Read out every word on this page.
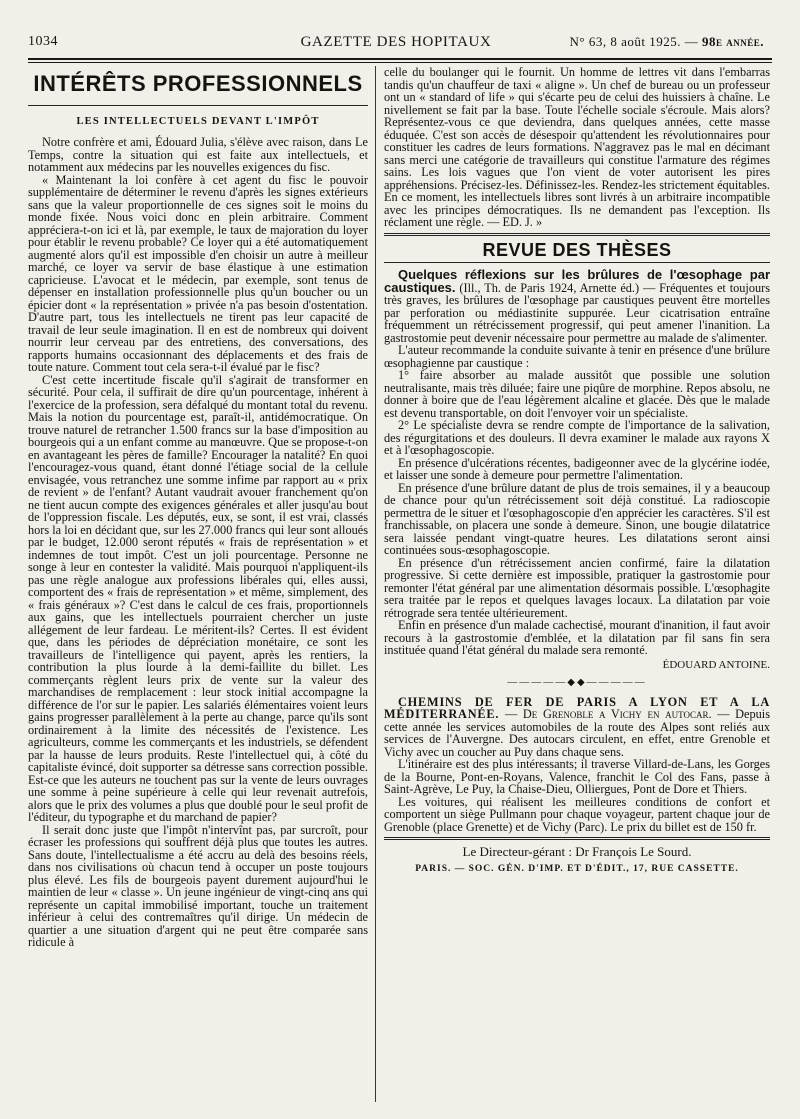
1034	GAZETTE DES HOPITAUX	N° 63, 8 août 1925. — 98e année.
INTÉRÊTS PROFESSIONNELS
LES INTELLECTUELS DEVANT L'IMPÔT

Notre confrère et ami, Édouard Julia, s'élève avec raison, dans Le Temps, contre la situation qui est faite aux intellectuels, et notamment aux médecins par les nouvelles exigences du fisc.

« Maintenant la loi confère à cet agent du fisc le pouvoir supplémentaire de déterminer le revenu d'après les signes extérieurs sans que la valeur proportionnelle de ces signes soit le moins du monde fixée. Nous voici donc en plein arbitraire. Comment appréciera-t-on ici et là, par exemple, le taux de majoration du loyer pour établir le revenu probable? Ce loyer qui a été automatiquement augmenté alors qu'il est impossible d'en choisir un autre à meilleur marché, ce loyer va servir de base élastique à une estimation capricieuse. L'avocat et le médecin, par exemple, sont tenus de dépenser en installation professionnelle plus qu'un boucher ou un épicier dont « la représentation » privée n'a pas besoin d'ostentation. D'autre part, tous les intellectuels ne tirent pas leur capacité de travail de leur seule imagination. Il en est de nombreux qui doivent nourrir leur cerveau par des entretiens, des conversations, des rapports humains occasionnant des déplacements et des frais de toute nature. Comment tout cela sera-t-il évalué par le fisc?

C'est cette incertitude fiscale qu'il s'agirait de transformer en sécurité. Pour cela, il suffirait de dire qu'un pourcentage, inhérent à l'exercice de la profession, sera défalqué du montant total du revenu. Mais la notion du pourcentage est, paraît-il, antidémocratique. On trouve naturel de retrancher 1.500 francs sur la base d'imposition au bourgeois qui a un enfant comme au manœuvre. Que se propose-t-on en avantageant les pères de famille? Encourager la natalité? En quoi l'encouragez-vous quand, étant donné l'étiage social de la cellule envisagée, vous retranchez une somme infime par rapport au « prix de revient » de l'enfant? Autant vaudrait avouer franchement qu'on ne tient aucun compte des exigences générales et aller jusqu'au bout de l'oppression fiscale. Les députés, eux, se sont, il est vrai, classés hors la loi en décidant que, sur les 27.000 francs qui leur sont alloués par le budget, 12.000 seront réputés « frais de représentation » et indemnes de tout impôt. C'est un joli pourcentage. Personne ne songe à leur en contester la validité. Mais pourquoi n'appliquent-ils pas une règle analogue aux professions libérales qui, elles aussi, comportent des « frais de représentation » et même, simplement, des « frais généraux »? C'est dans le calcul de ces frais, proportionnels aux gains, que les intellectuels pourraient chercher un juste allégement de leur fardeau. Le méritent-ils? Certes. Il est évident que, dans les périodes de dépréciation monétaire, ce sont les travailleurs de l'intelligence qui payent, après les rentiers, la contribution la plus lourde à la demi-faillite du billet. Les commerçants règlent leurs prix de vente sur la valeur des marchandises de remplacement : leur stock initial accompagne la différence de l'or sur le papier. Les salariés élémentaires voient leurs gains progresser parallèlement à la perte au change, parce qu'ils sont ordinairement à la limite des nécessités de l'existence. Les agriculteurs, comme les commerçants et les industriels, se défendent par la hausse de leurs produits. Reste l'intellectuel qui, à côté du capitaliste évincé, doit supporter sa détresse sans correction possible. Est-ce que les auteurs ne touchent pas sur la vente de leurs ouvrages une somme à peine supérieure à celle qui leur revenait autrefois, alors que le prix des volumes a plus que doublé pour le seul profit de l'éditeur, du typographe et du marchand de papier?

Il serait donc juste que l'impôt n'intervînt pas, par surcroît, pour écraser les professions qui souffrent déjà plus que toutes les autres. Sans doute, l'intellectualisme a été accru au delà des besoins réels, dans nos civilisations où chacun tend à occuper un poste toujours plus élevé. Les fils de bourgeois payent durement aujourd'hui le maintien de leur « classe ». Un jeune ingénieur de vingt-cinq ans qui représente un capital immobilisé important, touche un traitement inférieur à celui des contremaîtres qu'il dirige. Un médecin de quartier a une situation d'argent qui ne peut être comparée sans ridicule à

celle du boulanger qui le fournit. Un homme de lettres vit dans l'embarras tandis qu'un chauffeur de taxi « aligne ». Un chef de bureau ou un professeur ont un « standard of life » qui s'écarte peu de celui des huissiers à chaîne. Le nivellement se fait par la base. Toute l'échelle sociale s'écroule. Mais alors? Représentez-vous ce que deviendra, dans quelques années, cette masse éduquée. C'est son accès de désespoir qu'attendent les révolutionnaires pour constituer les cadres de leurs formations. N'aggravez pas le mal en décimant sans merci une catégorie de travailleurs qui constitue l'armature des régimes sains. Les lois vagues que l'on vient de voter autorisent les pires appréhensions. Précisez-les. Définissez-les. Rendez-les strictement équitables. En ce moment, les intellectuels libres sont livrés à un arbitraire incompatible avec les principes démocratiques. Ils ne demandent pas l'exception. Ils réclament une règle. — ED. J. »

REVUE DES THÈSES

Quelques réflexions sur les brûlures de l'œsophage par caustiques. (Ill., Th. de Paris 1924, Arnette éd.) — Fréquentes et toujours très graves, les brûlures de l'œsophage par caustiques peuvent être mortelles par perforation ou médiastinite suppurée. Leur cicatrisation entraîne fréquemment un rétrécissement progressif, qui peut amener l'inanition. La gastrostomie peut devenir nécessaire pour permettre au malade de s'alimenter.

L'auteur recommande la conduite suivante à tenir en présence d'une brûlure œsophagienne par caustique :

1° faire absorber au malade aussitôt que possible une solution neutralisante, mais très diluée; faire une piqûre de morphine. Repos absolu, ne donner à boire que de l'eau légèrement alcaline et glacée. Dès que le malade est devenu transportable, on doit l'envoyer voir un spécialiste.

2° Le spécialiste devra se rendre compte de l'importance de la salivation, des régurgitations et des douleurs. Il devra examiner le malade aux rayons X et à l'œsophagoscopie.

En présence d'ulcérations récentes, badigeonner avec de la glycérine iodée, et laisser une sonde à demeure pour permettre l'alimentation.

En présence d'une brûlure datant de plus de trois semaines, il y a beaucoup de chance pour qu'un rétrécissement soit déjà constitué. La radioscopie permettra de le situer et l'œsophagoscopie d'en apprécier les caractères. S'il est franchissable, on placera une sonde à demeure. Sinon, une bougie dilatatrice sera laissée pendant vingt-quatre heures. Les dilatations seront ainsi continuées sous-œsophagoscopie.

En présence d'un rétrécissement ancien confirmé, faire la dilatation progressive. Si cette dernière est impossible, pratiquer la gastrostomie pour remonter l'état général par une alimentation désormais possible. L'œsophagite sera traitée par le repos et quelques lavages locaux. La dilatation par voie rétrograde sera tentée ultérieurement.

Enfin en présence d'un malade cachectisé, mourant d'inanition, il faut avoir recours à la gastrostomie d'emblée, et la dilatation par fil sans fin sera instituée quand l'état général du malade sera remonté.

ÉDOUARD ANTOINE.
—————◆◆—————

CHEMINS DE FER DE PARIS A LYON ET A LA MÉDITERRANÉE. — De Grenoble a Vichy en autocar. — Depuis cette année les services automobiles de la route des Alpes sont reliés aux services de l'Auvergne. Des autocars circulent, en effet, entre Grenoble et Vichy avec un coucher au Puy dans chaque sens.

L'itinéraire est des plus intéressants; il traverse Villard-de-Lans, les Gorges de la Bourne, Pont-en-Royans, Valence, franchit le Col des Fans, passe à Saint-Agrève, Le Puy, la Chaise-Dieu, Olliergues, Pont de Dore et Thiers.

Les voitures, qui réalisent les meilleures conditions de confort et comportent un siège Pullmann pour chaque voyageur, partent chaque jour de Grenoble (place Grenette) et de Vichy (Parc). Le prix du billet est de 150 fr.

Le Directeur-gérant : Dr François Le Sourd.
PARIS. — SOC. GÉN. D'IMP. ET D'ÉDIT., 17, RUE CASSETTE.
